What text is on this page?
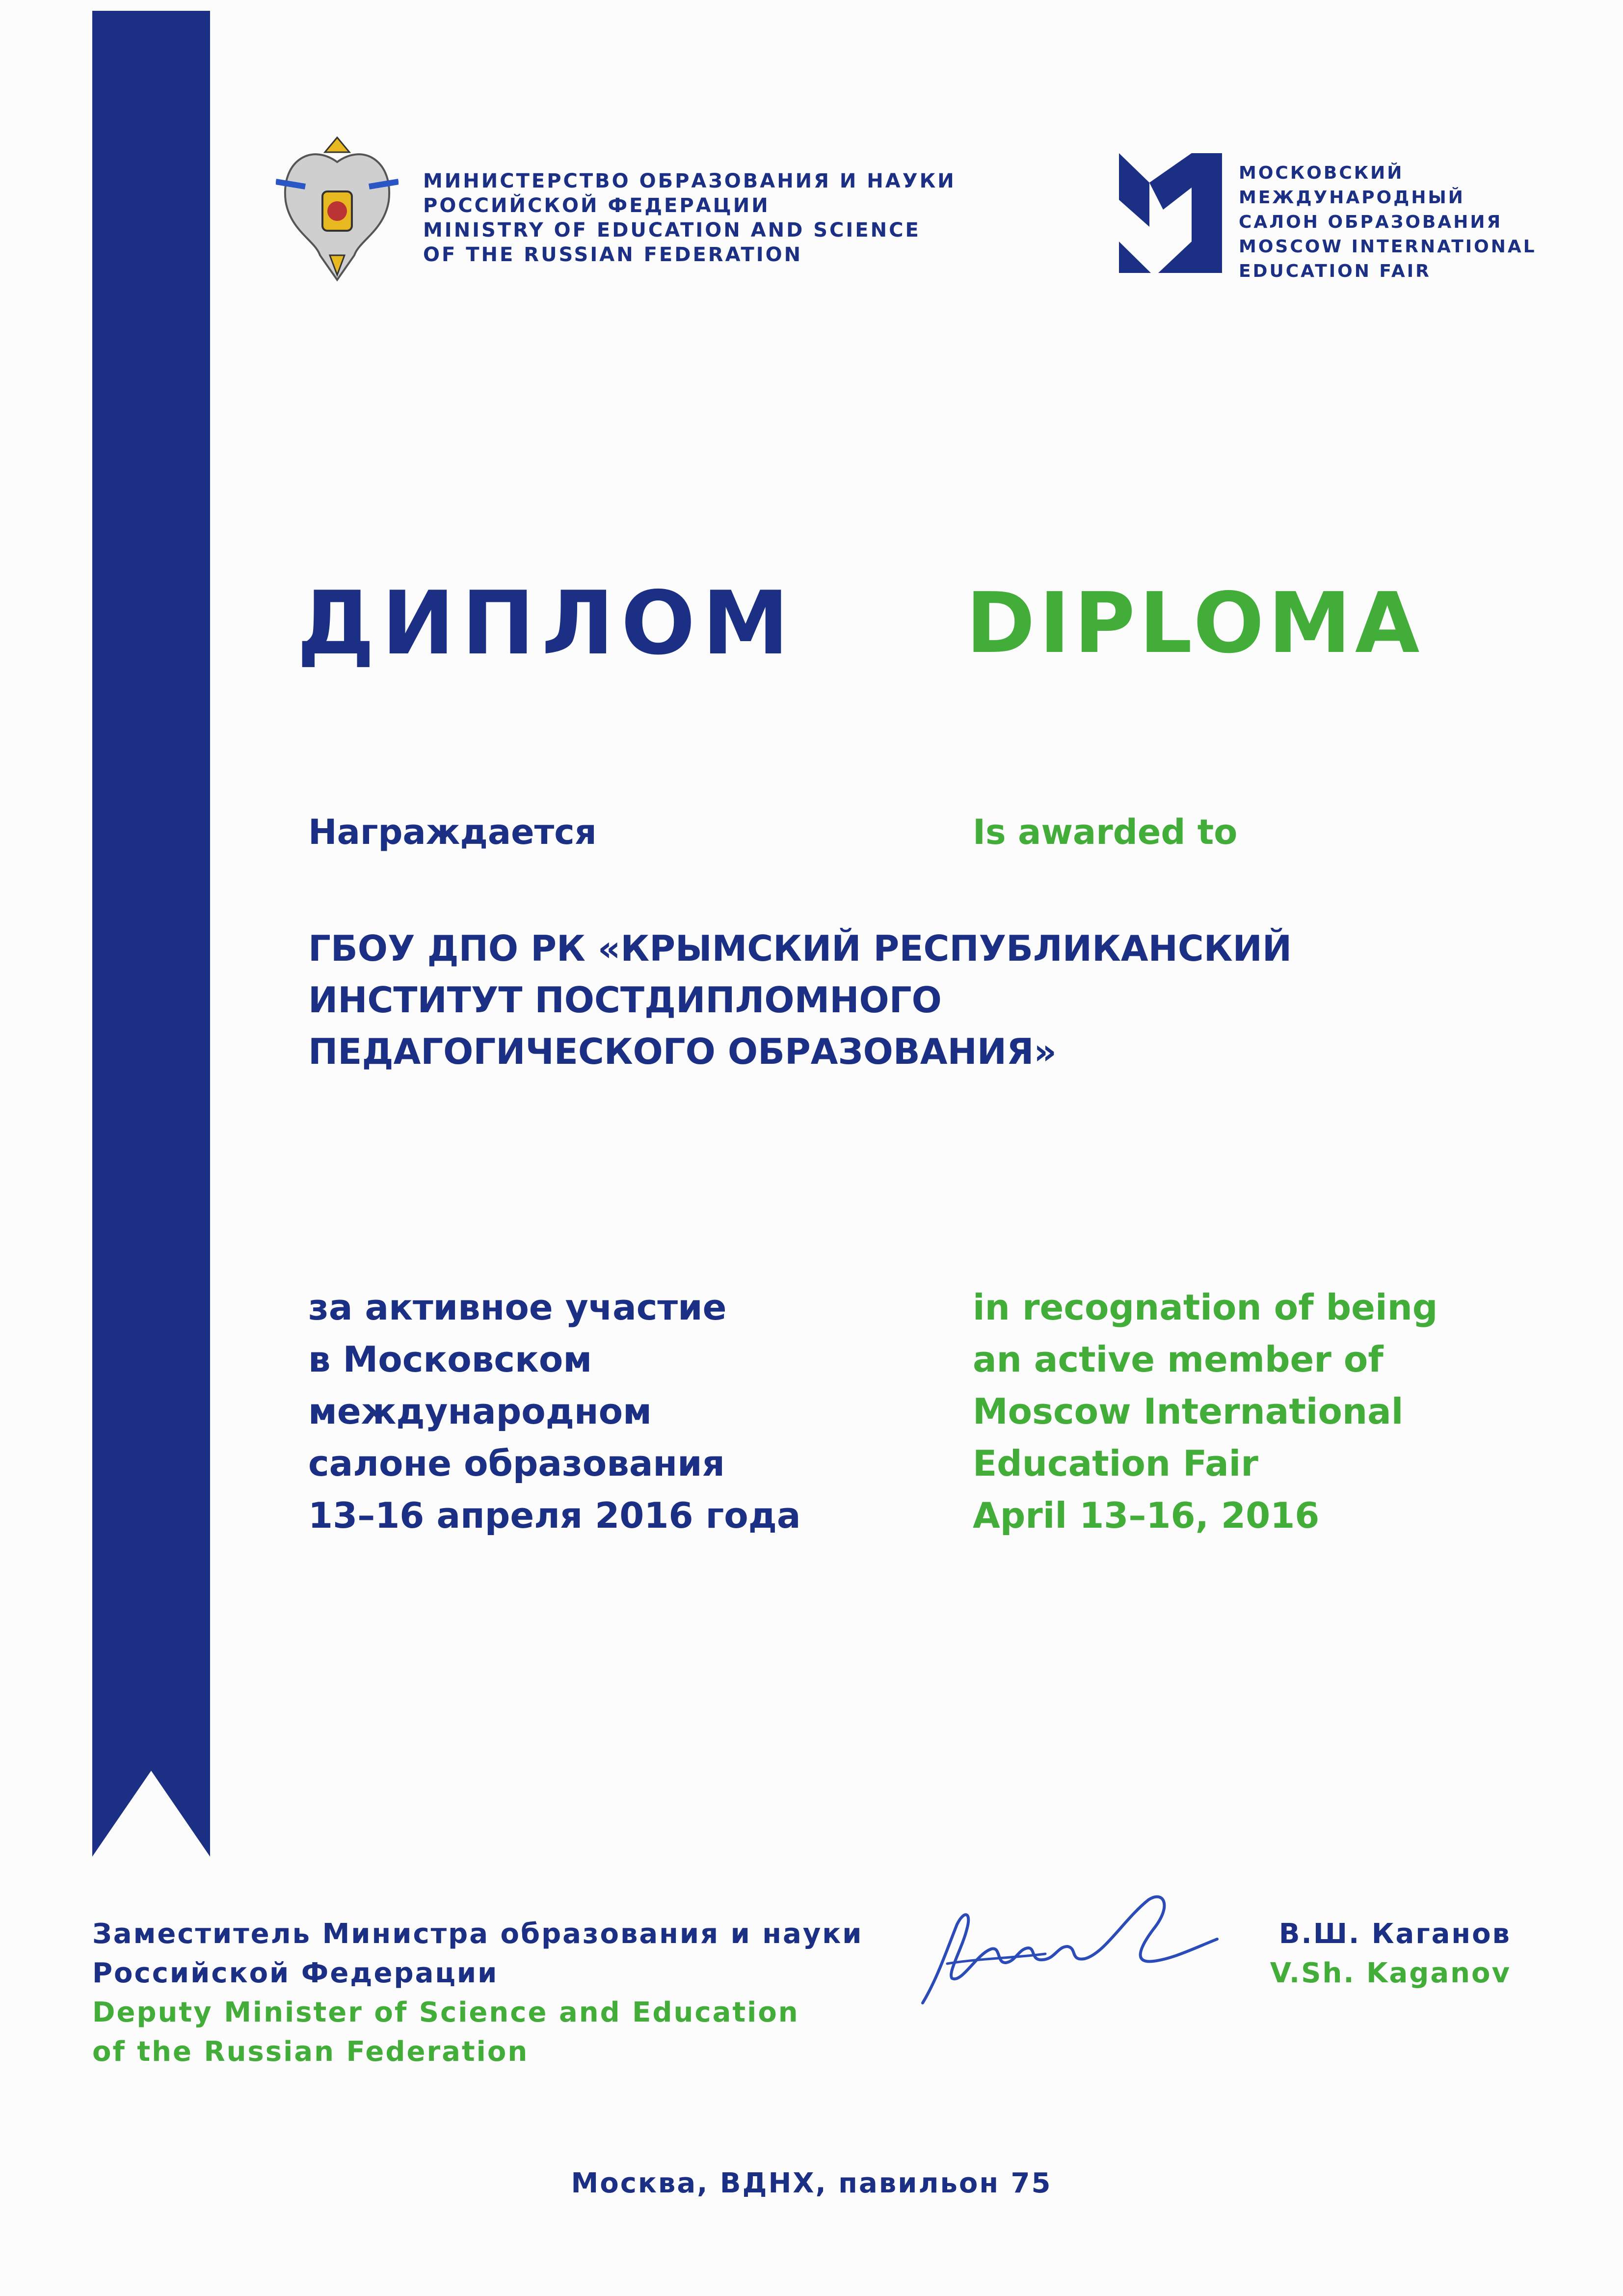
МИНИСТЕРСТВО ОБРАЗОВАНИЯ И НАУКИ
РОССИЙСКОЙ ФЕДЕРАЦИИ
MINISTRY OF EDUCATION AND SCIENCE
OF THE RUSSIAN FEDERATION
МОСКОВСКИЙ
МЕЖДУНАРОДНЫЙ
САЛОН ОБРАЗОВАНИЯ
MOSCOW INTERNATIONAL
EDUCATION FAIR
ДИПЛОМ DIPLOMA
Награждается	Is awarded to
ГБОУ ДПО РК «КРЫМСКИЙ РЕСПУБЛИКАНСКИЙ
ИНСТИТУТ ПОСТДИПЛОМНОГО
ПЕДАГОГИЧЕСКОГО ОБРАЗОВАНИЯ»
за активное участие
в Московском
международном
салоне образования
13–16 апреля 2016 года
in recognation of being
an active member of
Moscow International
Education Fair
April 13–16, 2016
Заместитель Министра образования и науки
Российской Федерации
Deputy Minister of Science and Education
of the Russian Federation
В.Ш. Каганов
V.Sh. Kaganov
Москва, ВДНХ, павильон 75
